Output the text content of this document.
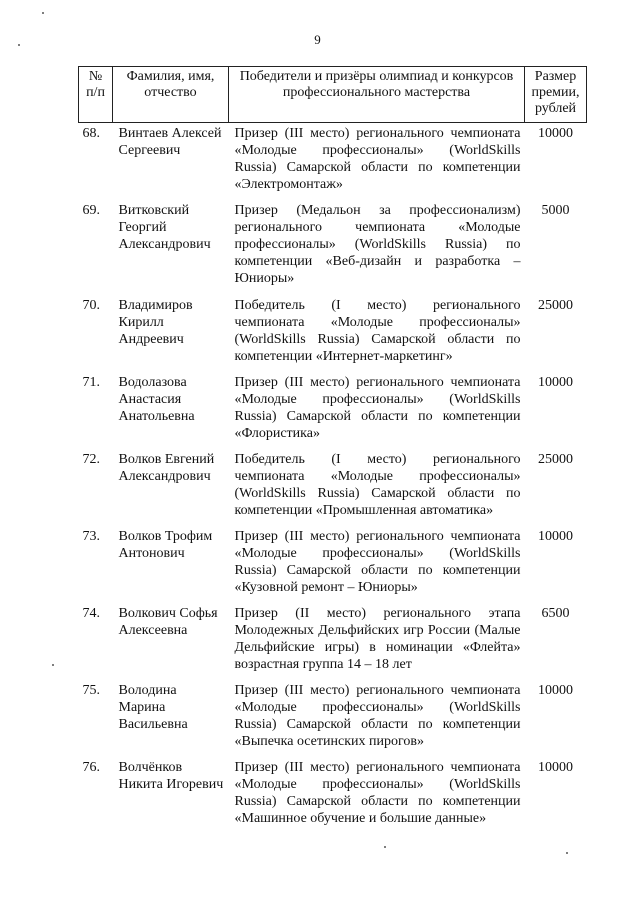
9
№ п/п	Фамилия, имя, отчество	Победители и призёры олимпиад и конкурсов профессионального мастерства	Размер премии, рублей
68.	Винтаев Алексей Сергеевич	Призер (III место) регионального чемпионата «Молодые профессионалы» (WorldSkills Russia) Самарской области по компетенции «Электромонтаж»	10000
69.	Витковский Георгий Александрович	Призер (Медальон за профессионализм) регионального чемпионата «Молодые профессионалы» (WorldSkills Russia) по компетенции «Веб-дизайн и разработка – Юниоры»	5000
70.	Владимиров Кирилл Андреевич	Победитель (I место) регионального чемпионата «Молодые профессионалы» (WorldSkills Russia) Самарской области по компетенции «Интернет-маркетинг»	25000
71.	Водолазова Анастасия Анатольевна	Призер (III место) регионального чемпионата «Молодые профессионалы» (WorldSkills Russia) Самарской области по компетенции «Флористика»	10000
72.	Волков Евгений Александрович	Победитель (I место) регионального чемпионата «Молодые профессионалы» (WorldSkills Russia) Самарской области по компетенции «Промышленная автоматика»	25000
73.	Волков Трофим Антонович	Призер (III место) регионального чемпионата «Молодые профессионалы» (WorldSkills Russia) Самарской области по компетенции «Кузовной ремонт – Юниоры»	10000
74.	Волкович Софья Алексеевна	Призер (II место) регионального этапа Молодежных Дельфийских игр России (Малые Дельфийские игры) в номинации «Флейта» возрастная группа 14 – 18 лет	6500
75.	Володина Марина Васильевна	Призер (III место) регионального чемпионата «Молодые профессионалы» (WorldSkills Russia) Самарской области по компетенции «Выпечка осетинских пирогов»	10000
76.	Волчёнков Никита Игоревич	Призер (III место) регионального чемпионата «Молодые профессионалы» (WorldSkills Russia) Самарской области по компетенции «Машинное обучение и большие данные»	10000
